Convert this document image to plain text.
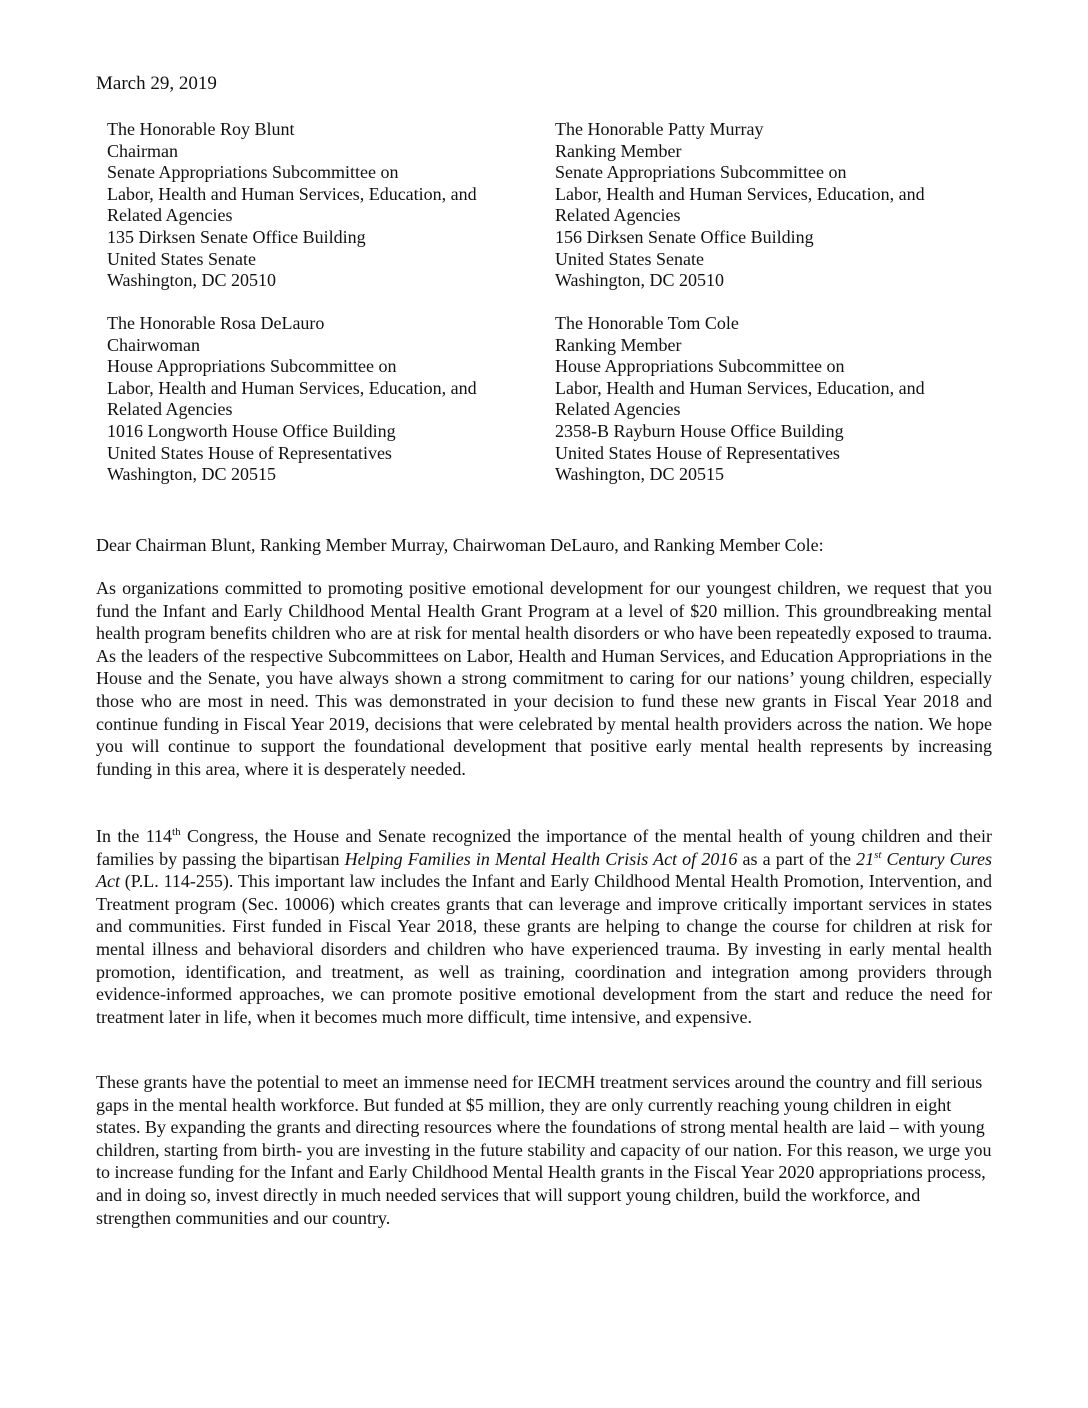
March 29, 2019
The Honorable Roy Blunt
Chairman
Senate Appropriations Subcommittee on
Labor, Health and Human Services, Education, and
Related Agencies
135 Dirksen Senate Office Building
United States Senate
Washington, DC 20510
The Honorable Patty Murray
Ranking Member
Senate Appropriations Subcommittee on
Labor, Health and Human Services, Education, and
Related Agencies
156 Dirksen Senate Office Building
United States Senate
Washington, DC 20510
The Honorable Rosa DeLauro
Chairwoman
House Appropriations Subcommittee on
Labor, Health and Human Services, Education, and
Related Agencies
1016 Longworth House Office Building
United States House of Representatives
Washington, DC 20515
The Honorable Tom Cole
Ranking Member
House Appropriations Subcommittee on
Labor, Health and Human Services, Education, and
Related Agencies
2358-B Rayburn House Office Building
United States House of Representatives
Washington, DC 20515
Dear Chairman Blunt, Ranking Member Murray, Chairwoman DeLauro, and Ranking Member Cole:
As organizations committed to promoting positive emotional development for our youngest children, we request that you fund the Infant and Early Childhood Mental Health Grant Program at a level of $20 million. This groundbreaking mental health program benefits children who are at risk for mental health disorders or who have been repeatedly exposed to trauma. As the leaders of the respective Subcommittees on Labor, Health and Human Services, and Education Appropriations in the House and the Senate, you have always shown a strong commitment to caring for our nations’ young children, especially those who are most in need. This was demonstrated in your decision to fund these new grants in Fiscal Year 2018 and continue funding in Fiscal Year 2019, decisions that were celebrated by mental health providers across the nation. We hope you will continue to support the foundational development that positive early mental health represents by increasing funding in this area, where it is desperately needed.
In the 114th Congress, the House and Senate recognized the importance of the mental health of young children and their families by passing the bipartisan Helping Families in Mental Health Crisis Act of 2016 as a part of the 21st Century Cures Act (P.L. 114-255). This important law includes the Infant and Early Childhood Mental Health Promotion, Intervention, and Treatment program (Sec. 10006) which creates grants that can leverage and improve critically important services in states and communities. First funded in Fiscal Year 2018, these grants are helping to change the course for children at risk for mental illness and behavioral disorders and children who have experienced trauma. By investing in early mental health promotion, identification, and treatment, as well as training, coordination and integration among providers through evidence-informed approaches, we can promote positive emotional development from the start and reduce the need for treatment later in life, when it becomes much more difficult, time intensive, and expensive.
These grants have the potential to meet an immense need for IECMH treatment services around the country and fill serious gaps in the mental health workforce. But funded at $5 million, they are only currently reaching young children in eight states. By expanding the grants and directing resources where the foundations of strong mental health are laid – with young children, starting from birth- you are investing in the future stability and capacity of our nation. For this reason, we urge you to increase funding for the Infant and Early Childhood Mental Health grants in the Fiscal Year 2020 appropriations process, and in doing so, invest directly in much needed services that will support young children, build the workforce, and strengthen communities and our country.
